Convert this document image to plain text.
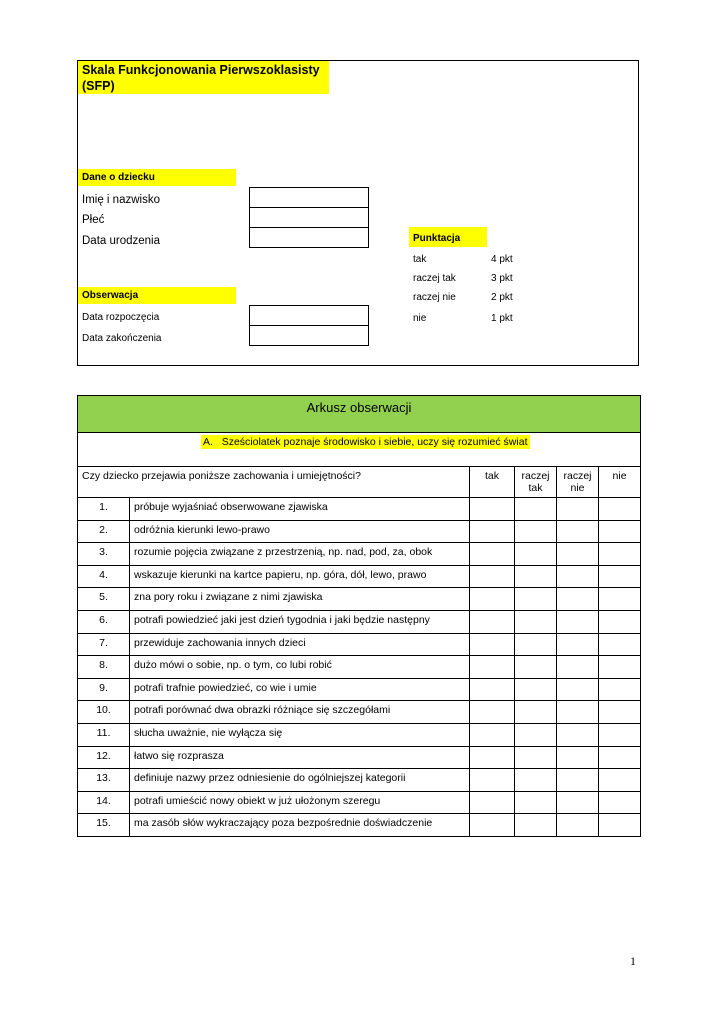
Skala Funkcjonowania Pierwszoklasisty (SFP)
Dane o dziecku
Imię i nazwisko
Płeć
Data urodzenia	Punktacja
tak	4 pkt
raczej tak	3 pkt
raczej nie	2 pkt
nie	1 pkt
Obserwacja
Data rozpoczęcia
Data zakończenia
Arkusz obserwacji					
A. Sześciolatek poznaje środowisko i siebie, uczy się rozumieć świat					
Czy dziecko przejawia poniższe zachowania i umiejętności?		tak	raczej tak	raczej nie	nie
1.	próbuje wyjaśniać obserwowane zjawiska				
2.	odróżnia kierunki lewo-prawo				
3.	rozumie pojęcia związane z przestrzenią, np. nad, pod, za, obok				
4.	wskazuje kierunki na kartce papieru, np. góra, dół, lewo, prawo				
5.	zna pory roku i związane z nimi zjawiska				
6.	potrafi powiedzieć jaki jest dzień tygodnia i jaki będzie następny				
7.	przewiduje zachowania innych dzieci				
8.	dużo mówi o sobie, np. o tym, co lubi robić				
9.	potrafi trafnie powiedzieć, co wie i umie				
10.	potrafi porównać dwa obrazki różniące się szczegółami				
11.	słucha uważnie, nie wyłącza się				
12.	łatwo się rozprasza				
13.	definiuje nazwy przez odniesienie do ogólniejszej kategorii				
14.	potrafi umieścić nowy obiekt w już ułożonym szeregu				
15.	ma zasób słów wykraczający poza bezpośrednie doświadczenie				
1
